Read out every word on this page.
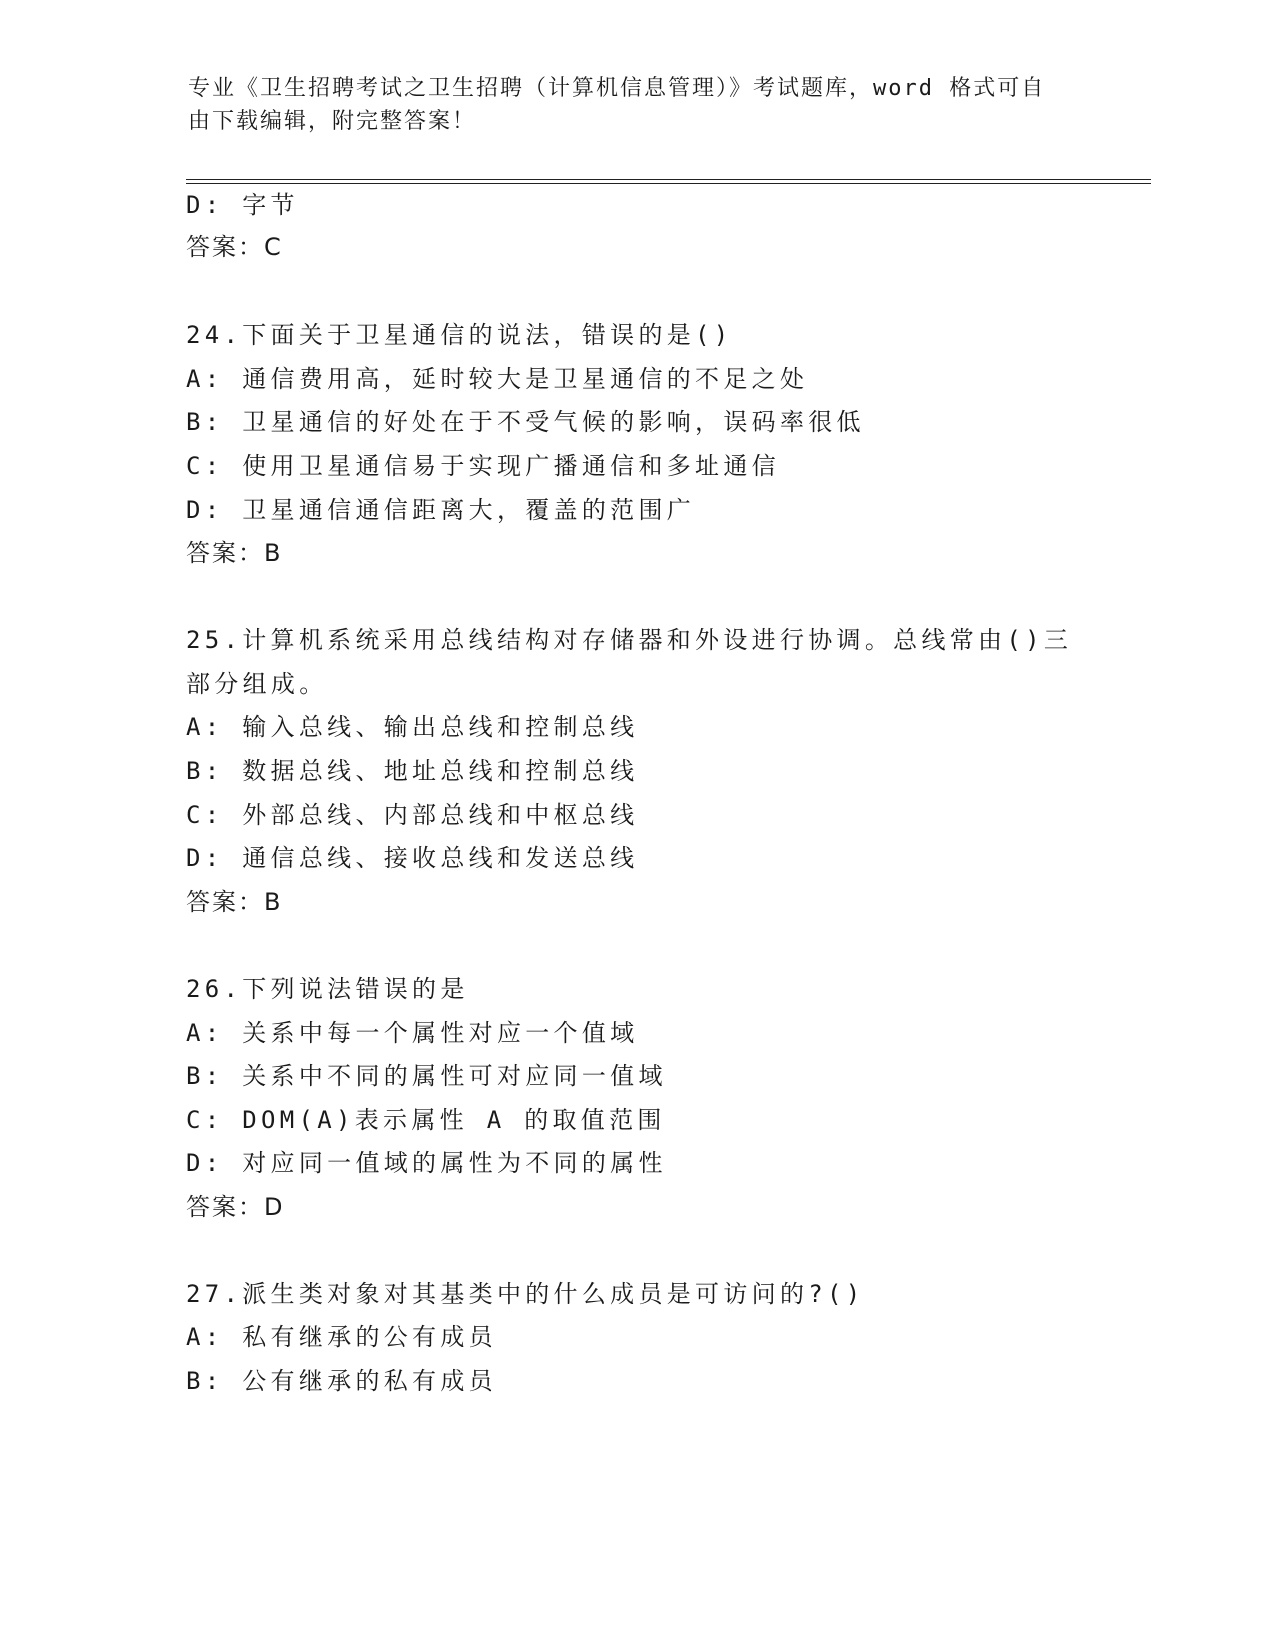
专业《卫生招聘考试之卫生招聘（计算机信息管理）》考试题库，word 格式可自
由下载编辑，附完整答案！
D: 字节
答案：C
24.下面关于卫星通信的说法，错误的是()
A: 通信费用高，延时较大是卫星通信的不足之处
B: 卫星通信的好处在于不受气候的影响，误码率很低
C: 使用卫星通信易于实现广播通信和多址通信
D: 卫星通信通信距离大，覆盖的范围广
答案：B
25.计算机系统采用总线结构对存储器和外设进行协调。总线常由()三
部分组成。
A: 输入总线、输出总线和控制总线
B: 数据总线、地址总线和控制总线
C: 外部总线、内部总线和中枢总线
D: 通信总线、接收总线和发送总线
答案：B
26.下列说法错误的是
A: 关系中每一个属性对应一个值域
B: 关系中不同的属性可对应同一值域
C: DOM(A)表示属性 A 的取值范围
D: 对应同一值域的属性为不同的属性
答案：D
27.派生类对象对其基类中的什么成员是可访问的?()
A: 私有继承的公有成员
B: 公有继承的私有成员
